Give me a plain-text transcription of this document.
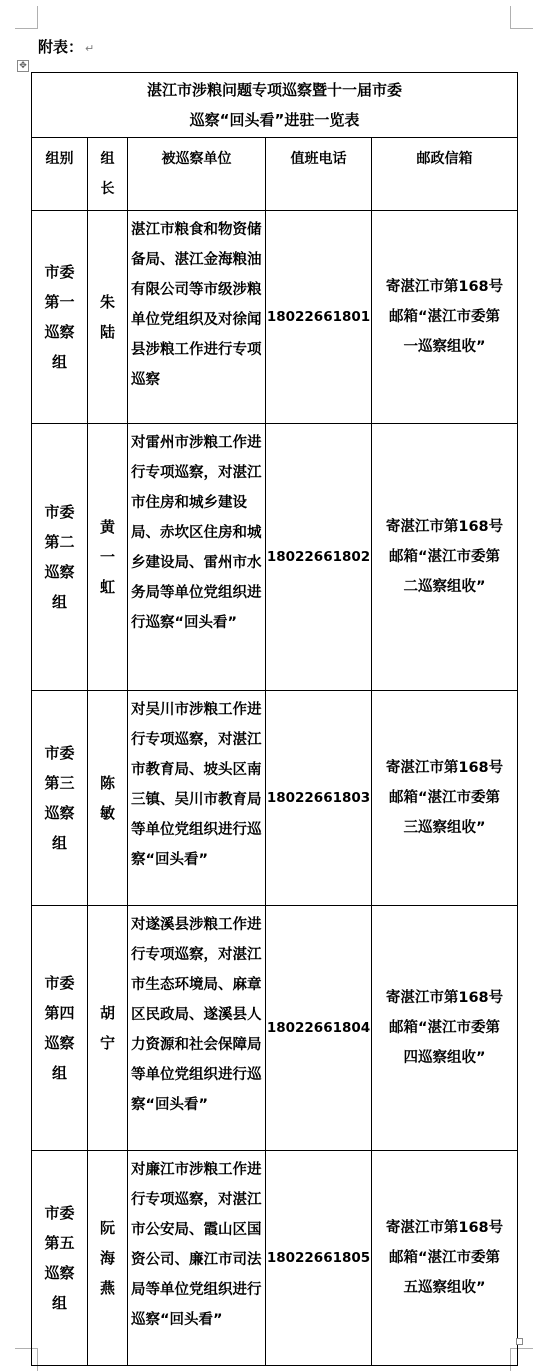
附表： ↵
✥
湛江市涉粮问题专项巡察暨十一届市委
巡察“回头看”进驻一览表				

组别	组
长	被巡察单位	值班电话	邮政信箱

市委
第一
巡察
组	朱
陆	湛江市粮食和物资储备局、湛江金海粮油有限公司等市级涉粮单位党组织及对徐闻县涉粮工作进行专项巡察	18022661801	寄湛江市第168号
邮箱“湛江市委第
一巡察组收”

市委
第二
巡察
组	黄
一
虹	对雷州市涉粮工作进行专项巡察，对湛江市住房和城乡建设局、赤坎区住房和城乡建设局、雷州市水务局等单位党组织进行巡察“回头看”	18022661802	寄湛江市第168号
邮箱“湛江市委第
二巡察组收”

市委
第三
巡察
组	陈
敏	对吴川市涉粮工作进行专项巡察，对湛江市教育局、坡头区南三镇、吴川市教育局等单位党组织进行巡察“回头看”	18022661803	寄湛江市第168号
邮箱“湛江市委第
三巡察组收”

市委
第四
巡察
组	胡
宁	对遂溪县涉粮工作进行专项巡察，对湛江市生态环境局、麻章区民政局、遂溪县人力资源和社会保障局等单位党组织进行巡察“回头看”	18022661804	寄湛江市第168号
邮箱“湛江市委第
四巡察组收”

市委
第五
巡察
组	阮
海
燕	对廉江市涉粮工作进行专项巡察，对湛江市公安局、霞山区国资公司、廉江市司法局等单位党组织进行巡察“回头看”	18022661805	寄湛江市第168号
邮箱“湛江市委第
五巡察组收”
